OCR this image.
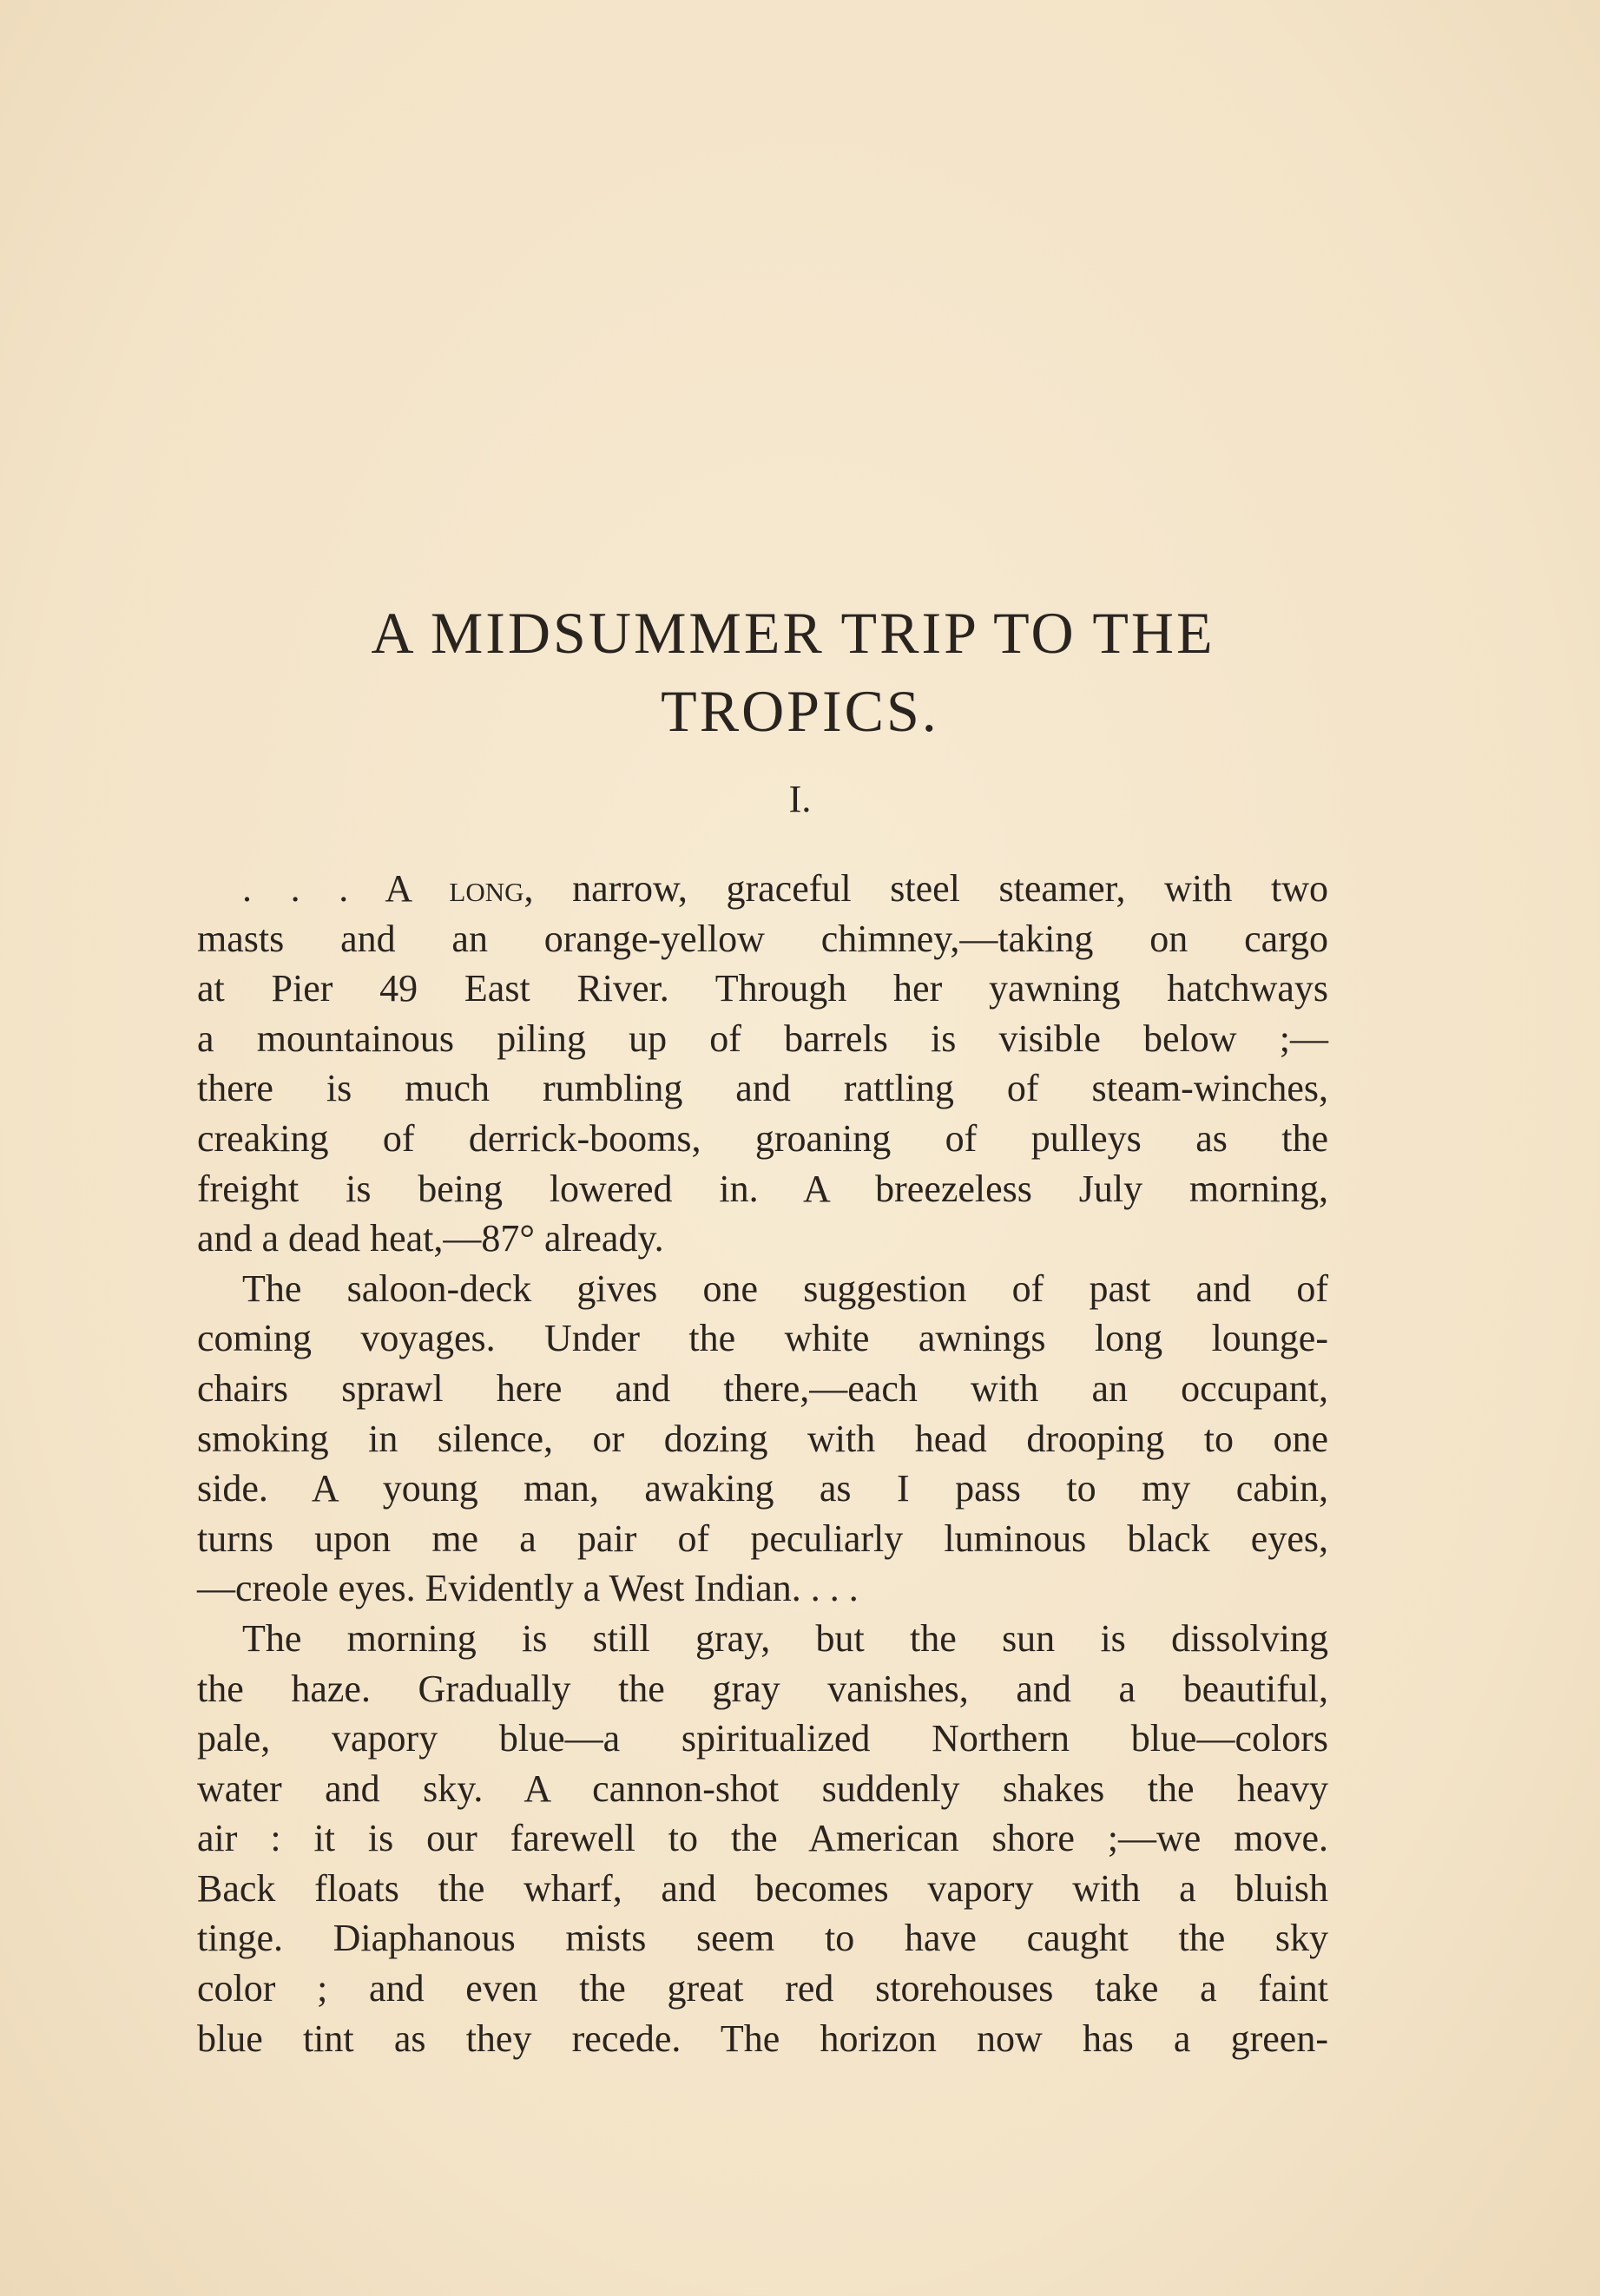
A MIDSUMMER TRIP TO THE
TROPICS.
I.
. . . A long, narrow, graceful steel steamer, with two
masts and an orange-yellow chimney,—taking on cargo
at Pier 49 East River. Through her yawning hatchways
a mountainous piling up of barrels is visible below ;—
there is much rumbling and rattling of steam-winches,
creaking of derrick-booms, groaning of pulleys as the
freight is being lowered in. A breezeless July morning,
and a dead heat,—87° already.
The saloon-deck gives one suggestion of past and of
coming voyages. Under the white awnings long lounge-
chairs sprawl here and there,—each with an occupant,
smoking in silence, or dozing with head drooping to one
side. A young man, awaking as I pass to my cabin,
turns upon me a pair of peculiarly luminous black eyes,
—creole eyes. Evidently a West Indian. . . .
The morning is still gray, but the sun is dissolving
the haze. Gradually the gray vanishes, and a beautiful,
pale, vapory blue—a spiritualized Northern blue—colors
water and sky. A cannon-shot suddenly shakes the heavy
air : it is our farewell to the American shore ;—we move.
Back floats the wharf, and becomes vapory with a bluish
tinge. Diaphanous mists seem to have caught the sky
color ; and even the great red storehouses take a faint
blue tint as they recede. The horizon now has a green-
